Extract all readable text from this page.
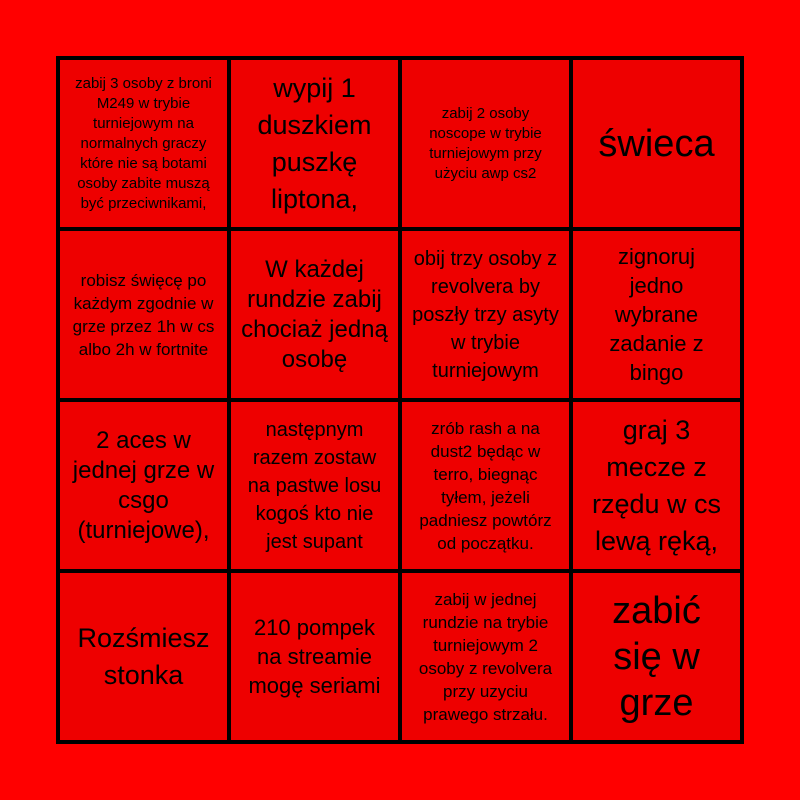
zabij 3 osoby z broni M249 w trybie turniejowym na normalnych graczy które nie są botami osoby zabite muszą być przeciwnikami,
wypij 1 duszkiem puszkę liptona,
zabij 2 osoby noscope w trybie turniejowym przy użyciu awp cs2
świeca
robisz święcę po każdym zgodnie w grze przez 1h w cs albo 2h w fortnite
W każdej rundzie zabij chociaż jedną osobę
obij trzy osoby z revolvera by poszły trzy asyty w trybie turniejowym
zignoruj jedno wybrane zadanie z bingo
2 aces w jednej grze w csgo (turniejowe),
następnym razem zostaw na pastwe losu kogoś kto nie jest supant
zrób rash a na dust2 będąc w terro, biegnąc tyłem, jeżeli padniesz powtórz od początku.
graj 3 mecze z rzędu w cs lewą ręką,
Rozśmiesz stonka
210 pompek na streamie mogę seriami
zabij w jednej rundzie na trybie turniejowym 2 osoby z revolvera przy uzyciu prawego strzału.
zabić się w grze
